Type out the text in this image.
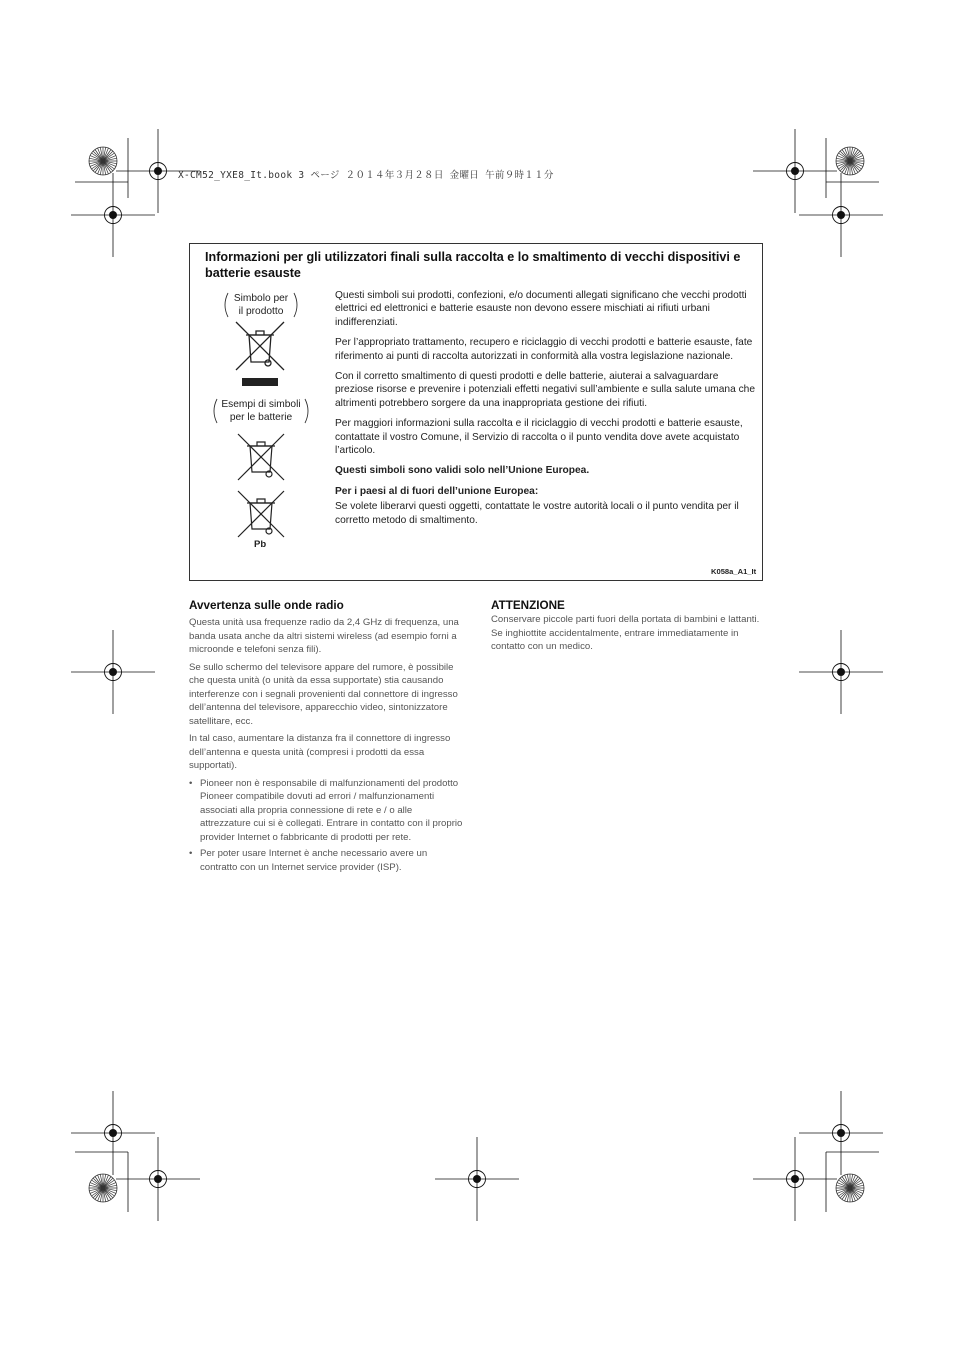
X-CM52_YXE8_It.book 3 ページ ２０１４年３月２８日 金曜日 午前９時１１分
Informazioni per gli utilizzatori finali sulla raccolta e lo smaltimento di vecchi dispositivi e batterie esauste
Simbolo per
il prodotto
Esempi di simboli
per le batterie
Pb

Questi simboli sui prodotti, confezioni, e/o documenti allegati significano che vecchi prodotti elettrici ed elettronici e batterie esauste non devono essere mischiati ai rifiuti urbani indifferenziati.

Per l’appropriato trattamento, recupero e riciclaggio di vecchi prodotti e batterie esauste, fate riferimento ai punti di raccolta autorizzati in conformità alla vostra legislazione nazionale.

Con il corretto smaltimento di questi prodotti e delle batterie, aiuterai a salvaguardare preziose risorse e prevenire i potenziali effetti negativi sull’ambiente e sulla salute umana che altrimenti potrebbero sorgere da una inappropriata gestione dei rifiuti.

Per maggiori informazioni sulla raccolta e il riciclaggio di vecchi prodotti e batterie esauste, contattate il vostro Comune, il Servizio di raccolta o il punto vendita dove avete acquistato l’articolo.

Questi simboli sono validi solo nell’Unione Europea.

Per i paesi al di fuori dell’unione Europea:

Se volete liberarvi questi oggetti, contattate le vostre autorità locali o il punto vendita per il corretto metodo di smaltimento.

K058a_A1_It
Avvertenza sulle onde radio

Questa unità usa frequenze radio da 2,4 GHz di frequenza, una banda usata anche da altri sistemi wireless (ad esempio forni a microonde e telefoni senza fili).

Se sullo schermo del televisore appare del rumore, è possibile che questa unità (o unità da essa supportate) stia causando interferenze con i segnali provenienti dal connettore di ingresso dell’antenna del televisore, apparecchio video, sintonizzatore satellitare, ecc.

In tal caso, aumentare la distanza fra il connettore di ingresso dell’antenna e questa unità (compresi i prodotti da essa supportati).

• Pioneer non è responsabile di malfunzionamenti del prodotto Pioneer compatibile dovuti ad errori / malfunzionamenti associati alla propria connessione di rete e / o alle attrezzature cui si è collegati. Entrare in contatto con il proprio provider Internet o fabbricante di prodotti per rete.
• Per poter usare Internet è anche necessario avere un contratto con un Internet service provider (ISP).
ATTENZIONE
Conservare piccole parti fuori della portata di bambini e lattanti. Se inghiottite accidentalmente, entrare immediatamente in contatto con un medico.
